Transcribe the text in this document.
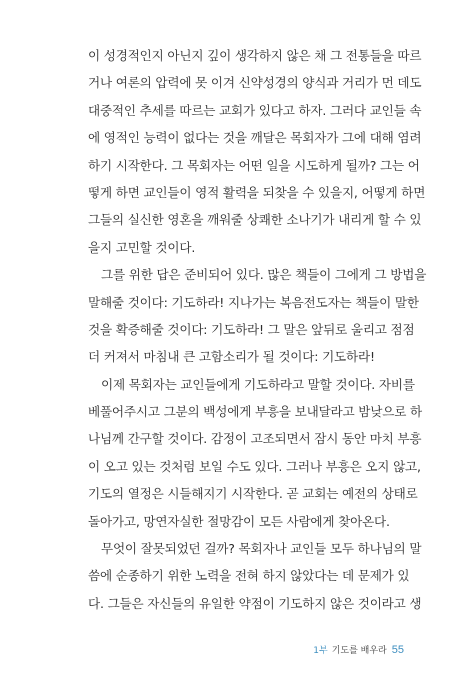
이 성경적인지 아닌지 깊이 생각하지 않은 채 그 전통들을 따르
거나 여론의 압력에 못 이겨 신약성경의 양식과 거리가 먼 데도
대중적인 추세를 따르는 교회가 있다고 하자. 그러다 교인들 속
에 영적인 능력이 없다는 것을 깨달은 목회자가 그에 대해 염려
하기 시작한다. 그 목회자는 어떤 일을 시도하게 될까? 그는 어
떻게 하면 교인들이 영적 활력을 되찾을 수 있을지, 어떻게 하면
그들의 실신한 영혼을 깨워줄 상쾌한 소나기가 내리게 할 수 있
을지 고민할 것이다.
그를 위한 답은 준비되어 있다. 많은 책들이 그에게 그 방법을
말해줄 것이다: 기도하라! 지나가는 복음전도자는 책들이 말한
것을 확증해줄 것이다: 기도하라! 그 말은 앞뒤로 울리고 점점
더 커져서 마침내 큰 고함소리가 될 것이다: 기도하라!
이제 목회자는 교인들에게 기도하라고 말할 것이다. 자비를
베풀어주시고 그분의 백성에게 부흥을 보내달라고 밤낮으로 하
나님께 간구할 것이다. 감정이 고조되면서 잠시 동안 마치 부흥
이 오고 있는 것처럼 보일 수도 있다. 그러나 부흥은 오지 않고,
기도의 열정은 시들해지기 시작한다. 곧 교회는 예전의 상태로
돌아가고, 망연자실한 절망감이 모든 사람에게 찾아온다.
무엇이 잘못되었던 걸까? 목회자나 교인들 모두 하나님의 말
씀에 순종하기 위한 노력을 전혀 하지 않았다는 데 문제가 있
다. 그들은 자신들의 유일한 약점이 기도하지 않은 것이라고 생
1부 기도를 배우라 55
